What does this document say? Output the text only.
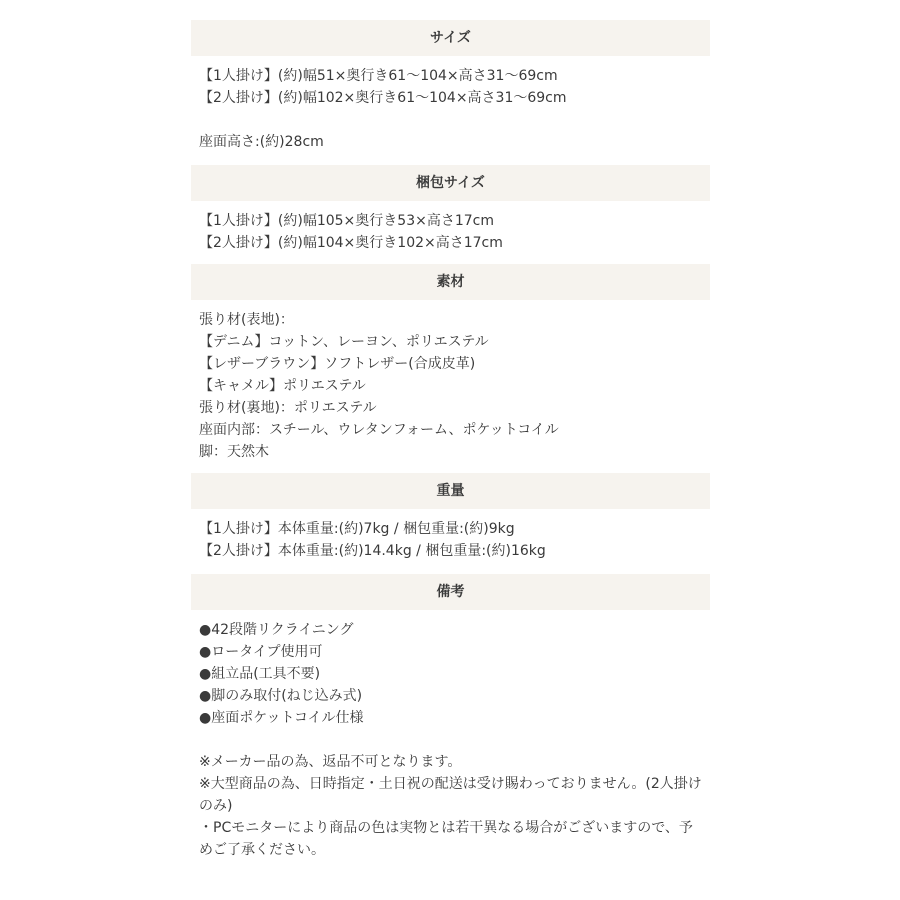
サイズ
【1人掛け】(約)幅51×奥行き61〜104×高さ31〜69cm
【2人掛け】(約)幅102×奥行き61〜104×高さ31〜69cm
座面高さ:(約)28cm
梱包サイズ
【1人掛け】(約)幅105×奥行き53×高さ17cm
【2人掛け】(約)幅104×奥行き102×高さ17cm
素材
張り材(表地)：
【デニム】コットン、レーヨン、ポリエステル
【レザーブラウン】ソフトレザー(合成皮革)
【キャメル】ポリエステル
張り材(裏地)：ポリエステル
座面内部：スチール、ウレタンフォーム、ポケットコイル
脚：天然木
重量
【1人掛け】本体重量:(約)7kg / 梱包重量:(約)9kg
【2人掛け】本体重量:(約)14.4kg / 梱包重量:(約)16kg
備考
●42段階リクライニング
●ロータイプ使用可
●組立品(工具不要)
●脚のみ取付(ねじ込み式)
●座面ポケットコイル仕様
※メーカー品の為、返品不可となります。
※大型商品の為、日時指定・土日祝の配送は受け賜わっておりません。(2人掛けのみ)
・PCモニターにより商品の色は実物とは若干異なる場合がございますので、予めご了承ください。
